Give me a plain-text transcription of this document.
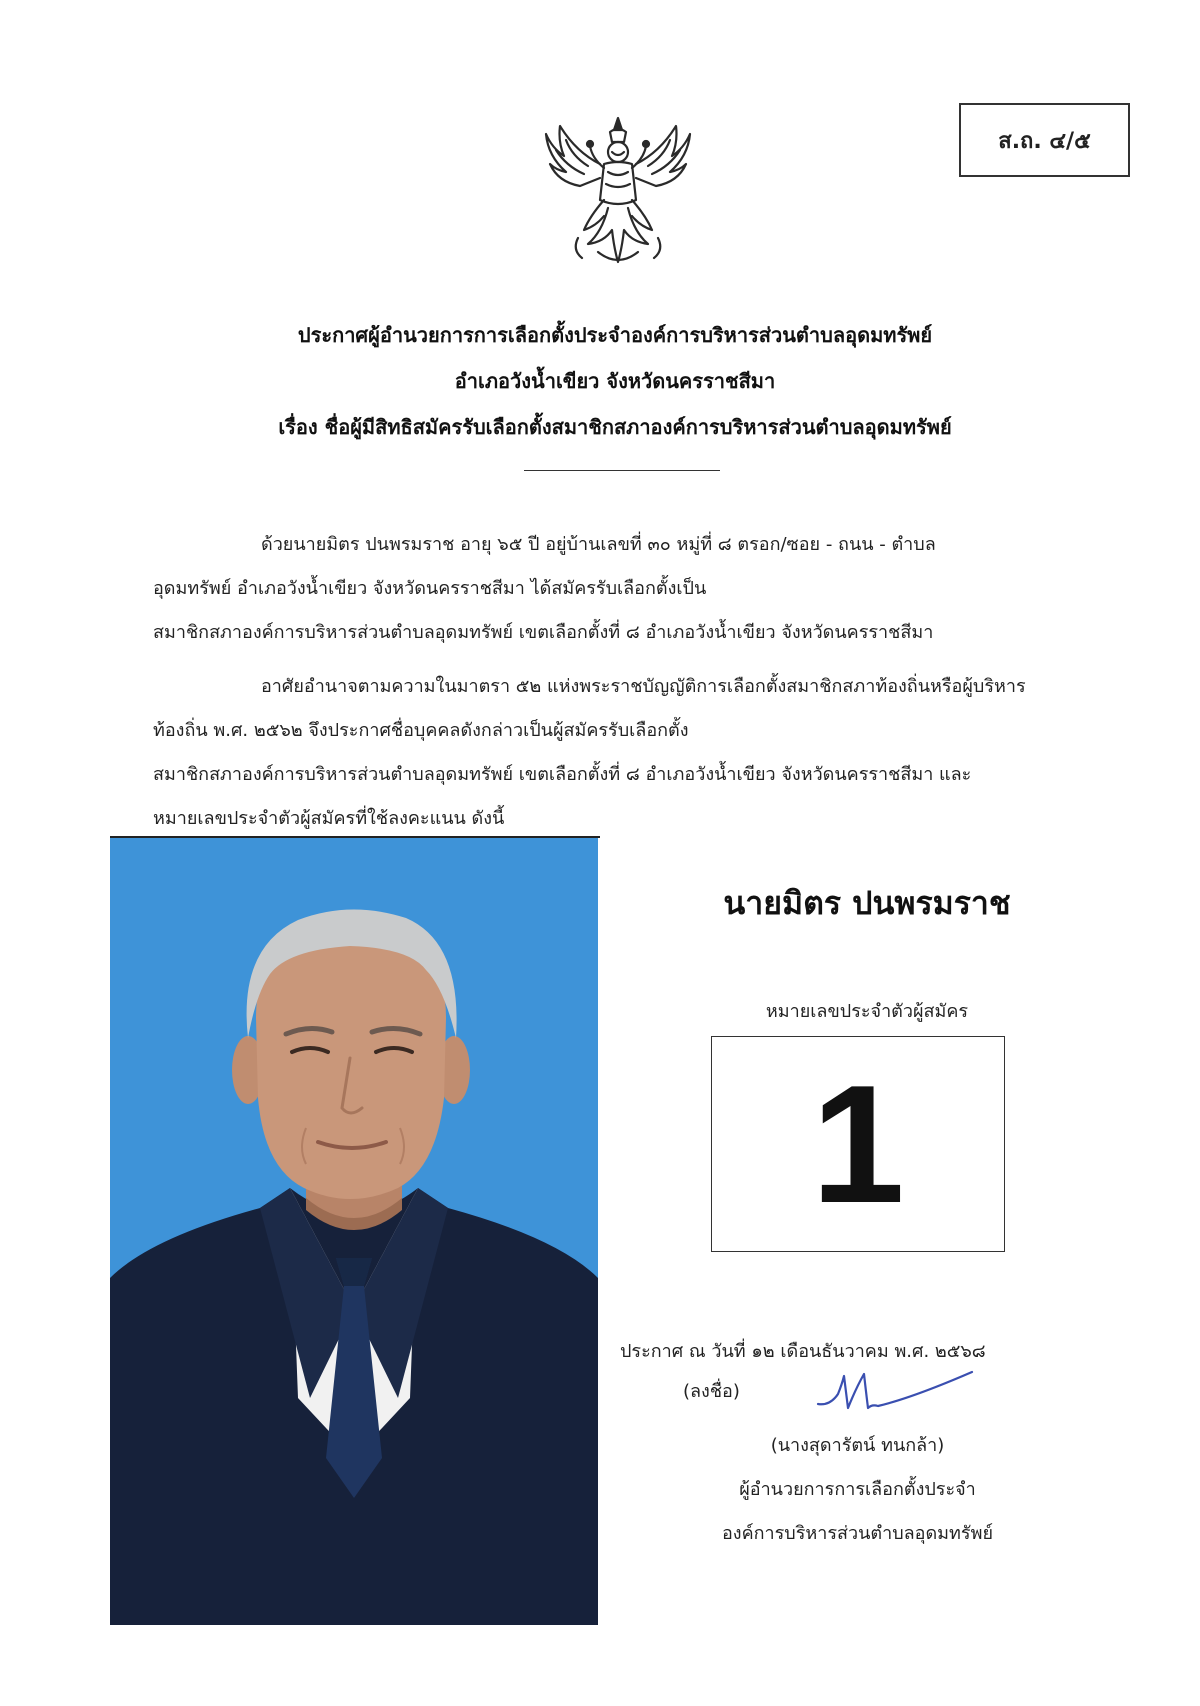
ส.ถ. ๔/๕
ประกาศผู้อำนวยการการเลือกตั้งประจำองค์การบริหารส่วนตำบลอุดมทรัพย์
อำเภอวังน้ำเขียว จังหวัดนครราชสีมา
เรื่อง ชื่อผู้มีสิทธิสมัครรับเลือกตั้งสมาชิกสภาองค์การบริหารส่วนตำบลอุดมทรัพย์
ด้วยนายมิตร ปนพรมราช อายุ ๖๕ ปี อยู่บ้านเลขที่ ๓๐ หมู่ที่ ๘ ตรอก/ซอย - ถนน - ตำบล
อุดมทรัพย์ อำเภอวังน้ำเขียว จังหวัดนครราชสีมา ได้สมัครรับเลือกตั้งเป็น
สมาชิกสภาองค์การบริหารส่วนตำบลอุดมทรัพย์ เขตเลือกตั้งที่ ๘ อำเภอวังน้ำเขียว จังหวัดนครราชสีมา
อาศัยอำนาจตามความในมาตรา ๕๒ แห่งพระราชบัญญัติการเลือกตั้งสมาชิกสภาท้องถิ่นหรือผู้บริหาร
ท้องถิ่น พ.ศ. ๒๕๖๒ จึงประกาศชื่อบุคคลดังกล่าวเป็นผู้สมัครรับเลือกตั้ง
สมาชิกสภาองค์การบริหารส่วนตำบลอุดมทรัพย์ เขตเลือกตั้งที่ ๘ อำเภอวังน้ำเขียว จังหวัดนครราชสีมา และ
หมายเลขประจำตัวผู้สมัครที่ใช้ลงคะแนน ดังนี้
นายมิตร ปนพรมราช
หมายเลขประจำตัวผู้สมัคร
1
ประกาศ ณ วันที่ ๑๒ เดือนธันวาคม พ.ศ. ๒๕๖๘
(ลงชื่อ)
(นางสุดารัตน์ ทนกล้า)
ผู้อำนวยการการเลือกตั้งประจำ
องค์การบริหารส่วนตำบลอุดมทรัพย์
